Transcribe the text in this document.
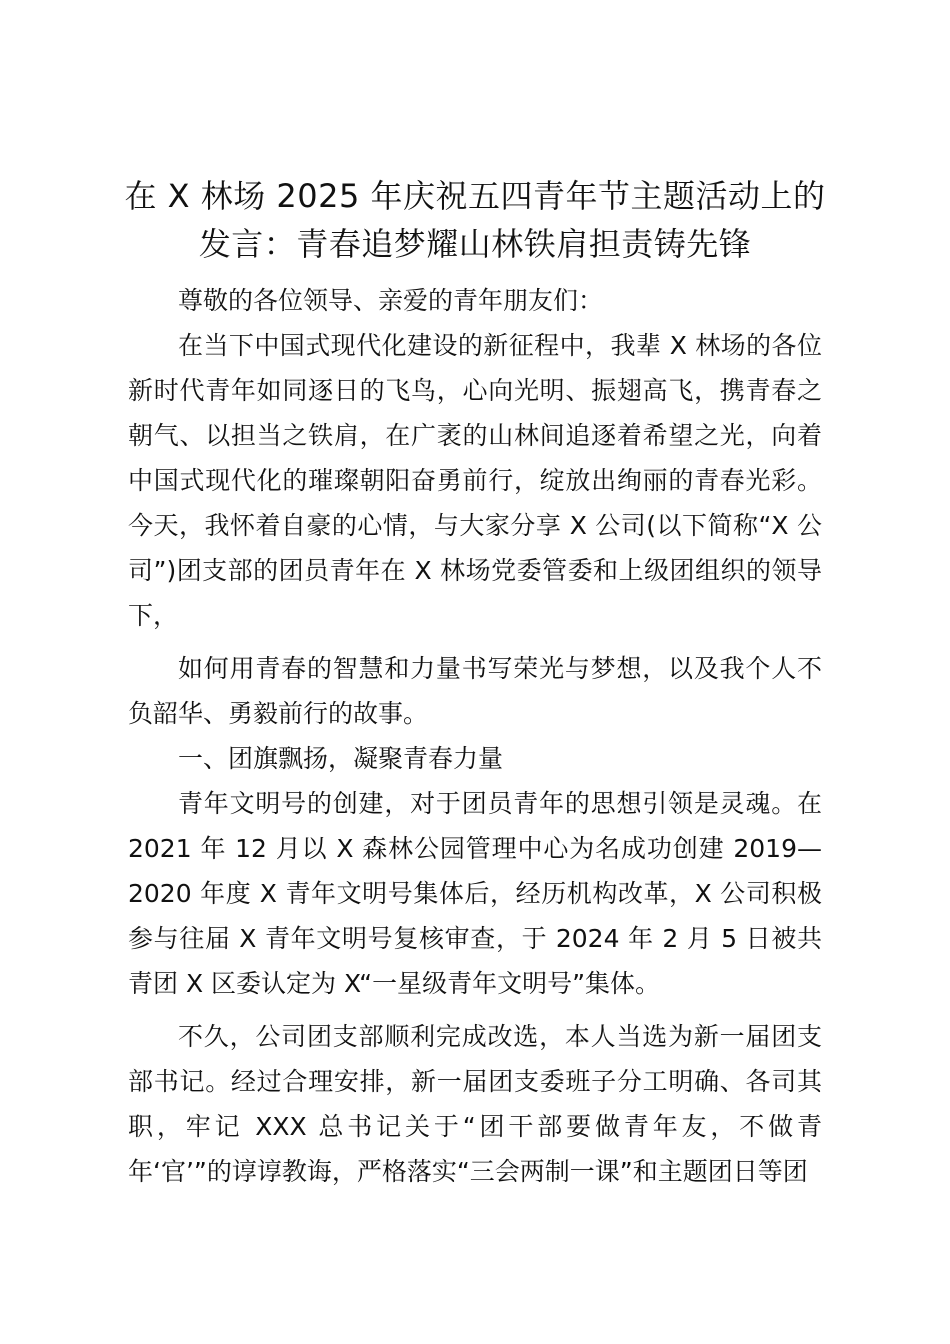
在 X 林场 2025 年庆祝五四青年节主题活动上的发言：青春追梦耀山林铁肩担责铸先锋

尊敬的各位领导、亲爱的青年朋友们：

在当下中国式现代化建设的新征程中，我辈 X 林场的各位新时代青年如同逐日的飞鸟，心向光明、振翅高飞，携青春之朝气、以担当之铁肩，在广袤的山林间追逐着希望之光，向着中国式现代化的璀璨朝阳奋勇前行，绽放出绚丽的青春光彩。今天，我怀着自豪的心情，与大家分享 X 公司(以下简称“X 公司”)团支部的团员青年在 X 林场党委管委和上级团组织的领导下，

如何用青春的智慧和力量书写荣光与梦想，以及我个人不负韶华、勇毅前行的故事。

一、团旗飘扬，凝聚青春力量

青年文明号的创建，对于团员青年的思想引领是灵魂。在 2021 年 12 月以 X 森林公园管理中心为名成功创建 2019—2020 年度 X 青年文明号集体后，经历机构改革，X 公司积极参与往届 X 青年文明号复核审查，于 2024 年 2 月 5 日被共青团 X 区委认定为 X“一星级青年文明号”集体。

不久，公司团支部顺利完成改选，本人当选为新一届团支部书记。经过合理安排，新一届团支委班子分工明确、各司其职，牢记 XXX 总书记关于“团干部要做青年友，不做青年‘官’”的谆谆教诲，严格落实“三会两制一课”和主题团日等团
